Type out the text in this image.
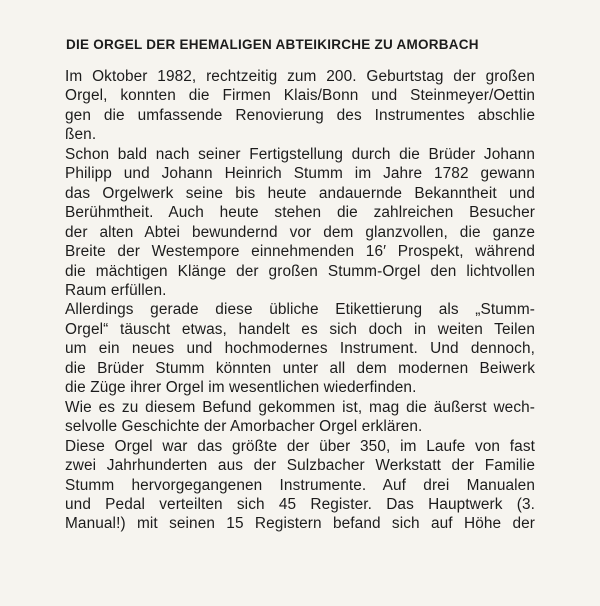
DIE ORGEL DER EHEMALIGEN ABTEIKIRCHE ZU AMORBACH
Im Oktober 1982, rechtzeitig zum 200. Geburtstag der großen
Orgel, konnten die Firmen Klais/Bonn und Steinmeyer/Oettin
gen die umfassende Renovierung des Instrumentes abschlie
ßen.
Schon bald nach seiner Fertigstellung durch die Brüder Johann
Philipp und Johann Heinrich Stumm im Jahre 1782 gewann
das Orgelwerk seine bis heute andauernde Bekanntheit und
Berühmtheit. Auch heute stehen die zahlreichen Besucher
der alten Abtei bewundernd vor dem glanzvollen, die ganze
Breite der Westempore einnehmenden 16′ Prospekt, während
die mächtigen Klänge der großen Stumm-Orgel den lichtvollen
Raum erfüllen.
Allerdings gerade diese übliche Etikettierung als „Stumm-
Orgel“ täuscht etwas, handelt es sich doch in weiten Teilen
um ein neues und hochmodernes Instrument. Und dennoch,
die Brüder Stumm könnten unter all dem modernen Beiwerk
die Züge ihrer Orgel im wesentlichen wiederfinden.
Wie es zu diesem Befund gekommen ist, mag die äußerst wech-
selvolle Geschichte der Amorbacher Orgel erklären.
Diese Orgel war das größte der über 350, im Laufe von fast
zwei Jahrhunderten aus der Sulzbacher Werkstatt der Familie
Stumm hervorgegangenen Instrumente. Auf drei Manualen
und Pedal verteilten sich 45 Register. Das Hauptwerk (3.
Manual!) mit seinen 15 Registern befand sich auf Höhe der
